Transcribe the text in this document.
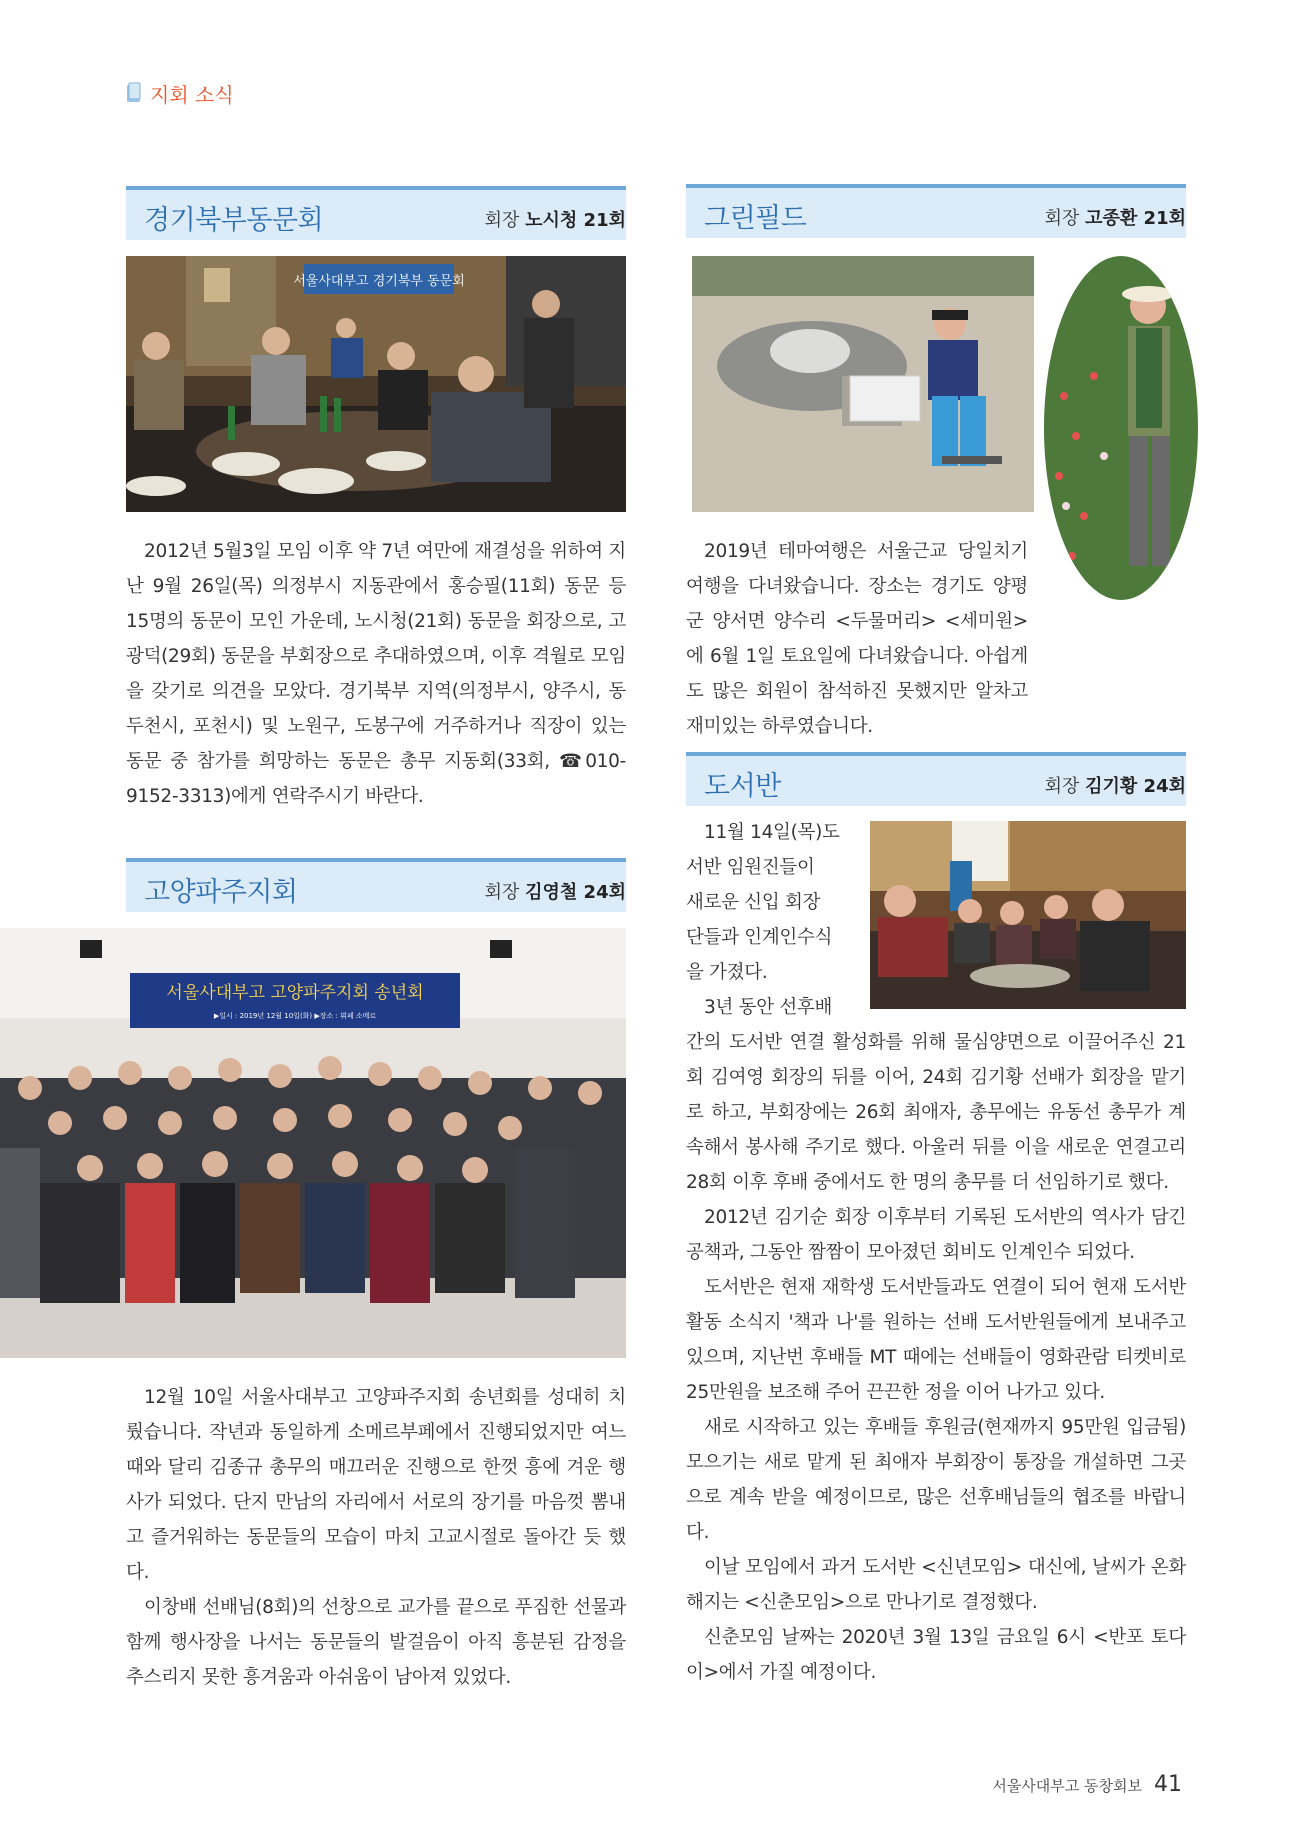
지회 소식
경기북부동문회	회장 노시청 21회
서울사대부고 경기북부 동문회

2012년 5월3일 모임 이후 약 7년 여만에 재결성을 위하여 지난 9월 26일(목) 의정부시 지동관에서 홍승필(11회) 동문 등 15명의 동문이 모인 가운데, 노시청(21회) 동문을 회장으로, 고광덕(29회) 동문을 부회장으로 추대하였으며, 이후 격월로 모임을 갖기로 의견을 모았다. 경기북부 지역(의정부시, 양주시, 동두천시, 포천시) 및 노원구, 도봉구에 거주하거나 직장이 있는 동문 중 참가를 희망하는 동문은 총무 지동회(33회, ☎010-9152-3313)에게 연락주시기 바란다.

고양파주지회	회장 김영철 24회
서울사대부고 고양파주지회 송년회
▶일시 : 2019년 12월 10일(화) ▶장소 : 뷔페 소메르

12월 10일 서울사대부고 고양파주지회 송년회를 성대히 치뤘습니다. 작년과 동일하게 소메르부페에서 진행되었지만 여느때와 달리 김종규 총무의 매끄러운 진행으로 한껏 흥에 겨운 행사가 되었다. 단지 만남의 자리에서 서로의 장기를 마음껏 뽐내고 즐거워하는 동문들의 모습이 마치 고교시절로 돌아간 듯 했다.

이창배 선배님(8회)의 선창으로 교가를 끝으로 푸짐한 선물과 함께 행사장을 나서는 동문들의 발걸음이 아직 흥분된 감정을 추스리지 못한 흥겨움과 아쉬움이 남아져 있었다.

그린필드	회장 고종환 21회

2019년 테마여행은 서울근교 당일치기 여행을 다녀왔습니다. 장소는 경기도 양평군 양서면 양수리 <두물머리> <세미원>에 6월 1일 토요일에 다녀왔습니다. 아쉽게도 많은 회원이 참석하진 못했지만 알차고 재미있는 하루였습니다.

도서반	회장 김기황 24회
11월 14일(목)도
서반 임원진들이
새로운 신입 회장
단들과 인계인수식
을 가졌다.
3년 동안 선후배

간의 도서반 연결 활성화를 위해 물심양면으로 이끌어주신 21회 김여영 회장의 뒤를 이어, 24회 김기황 선배가 회장을 맡기로 하고, 부회장에는 26회 최애자, 총무에는 유동선 총무가 계속해서 봉사해 주기로 했다. 아울러 뒤를 이을 새로운 연결고리 28회 이후 후배 중에서도 한 명의 총무를 더 선임하기로 했다.

2012년 김기순 회장 이후부터 기록된 도서반의 역사가 담긴 공책과, 그동안 짬짬이 모아졌던 회비도 인계인수 되었다.

도서반은 현재 재학생 도서반들과도 연결이 되어 현재 도서반 활동 소식지 '책과 나'를 원하는 선배 도서반원들에게 보내주고 있으며, 지난번 후배들 MT 때에는 선배들이 영화관람 티켓비로 25만원을 보조해 주어 끈끈한 정을 이어 나가고 있다.

새로 시작하고 있는 후배들 후원금(현재까지 95만원 입금됨) 모으기는 새로 맡게 된 최애자 부회장이 통장을 개설하면 그곳으로 계속 받을 예정이므로, 많은 선후배님들의 협조를 바랍니다.

이날 모임에서 과거 도서반 <신년모임> 대신에, 날씨가 온화해지는 <신춘모임>으로 만나기로 결정했다.

신춘모임 날짜는 2020년 3월 13일 금요일 6시 <반포 토다이>에서 가질 예정이다.

서울사대부고 동창회보 41
